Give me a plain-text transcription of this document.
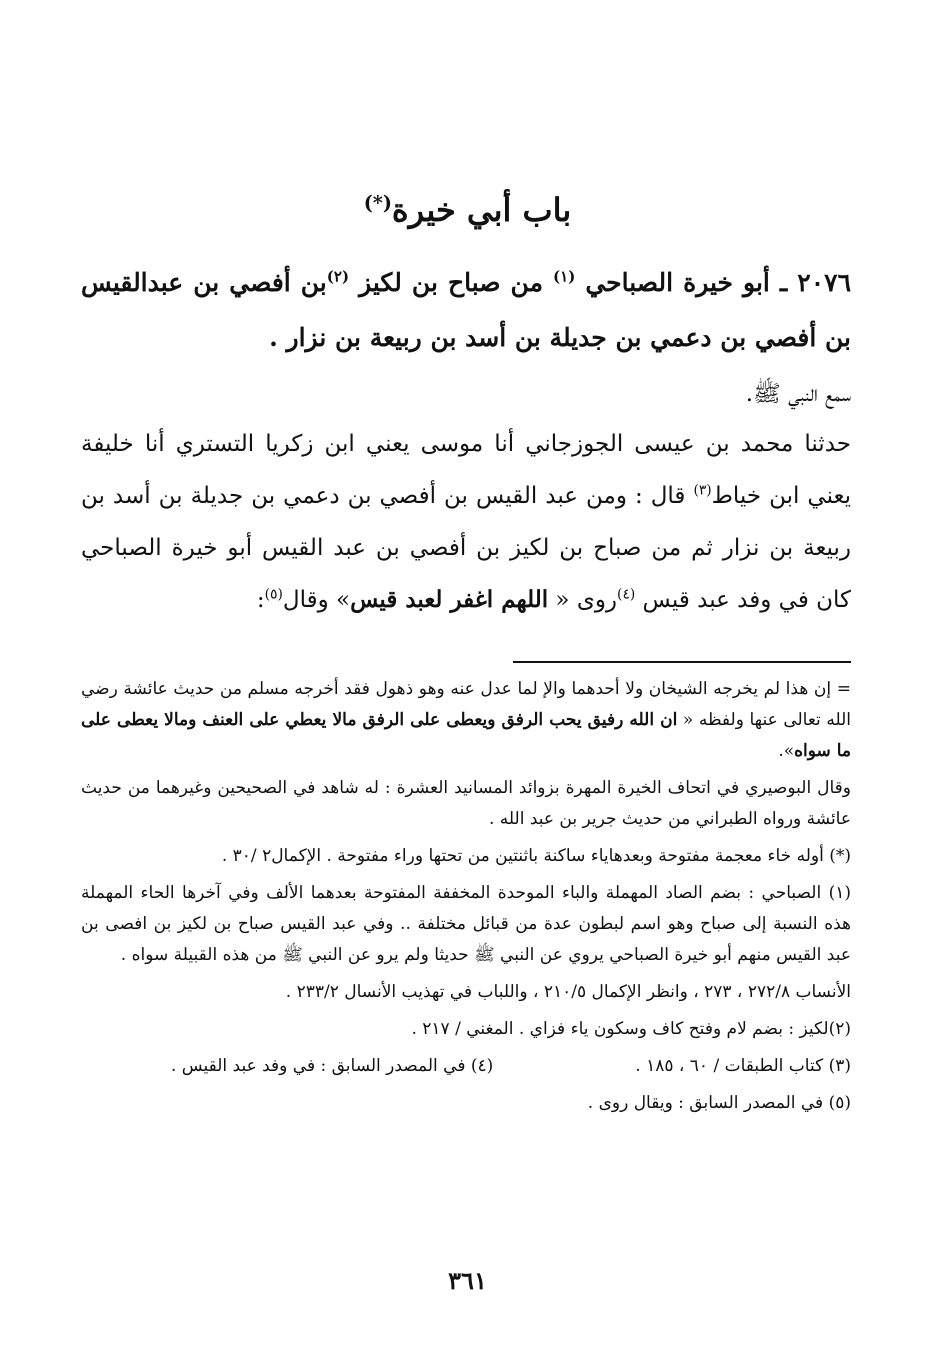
باب أبي خيرة(*)
٢٠٧٦ ـ أبو خيرة الصباحي $^{(١)}$ من صباح بن لكيز $^{(٢)}$بن أفصي بن عبدالقيس بن أفصي بن دعمي بن جديلة بن أسد بن ربيعة بن نزار .
سمع النبي ﷺ.
حدثنا محمد بن عيسى الجوزجاني أنا موسى يعني ابن زكريا التستري أنا خليفة يعني ابن خياط$^{(٣)}$ قال : ومن عبد القيس بن أفصي بن دعمي بن جديلة بن أسد بن ربيعة بن نزار ثم من صباح بن لكيز بن أفصي بن عبد القيس أبو خيرة الصباحي كان في وفد عبد قيس $^{(٤)}$روى « اللهم اغفر لعبد قيس» وقال$^{(٥)}$:

= إن هذا لم يخرجه الشيخان ولا أحدهما والإ لما عدل عنه وهو ذهول فقد أخرجه مسلم من حديث عائشة رضي الله تعالى عنها ولفظه « ان الله رفيق يحب الرفق ويعطى على الرفق مالا يعطي على العنف ومالا يعطى على ما سواه».

وقال البوصيري في اتحاف الخيرة المهرة بزوائد المسانيد العشرة : له شاهد في الصحيحين وغيرهما من حديث عائشة ورواه الطبراني من حديث جرير بن عبد الله .

(*) أوله خاء معجمة مفتوحة وبعدهاياء ساكنة باثنتين من تحتها وراء مفتوحة . الإكمال٢ /٣٠ .

(١) الصباحي : بضم الصاد المهملة والباء الموحدة المخففة المفتوحة بعدهما الألف وفي آخرها الحاء المهملة هذه النسبة إلى صباح وهو اسم لبطون عدة من قبائل مختلفة .. وفي عبد القيس صباح بن لكيز بن افصى بن عبد القيس منهم أبو خيرة الصباحي يروي عن النبي ﷺ حديثا ولم يرو عن النبي ﷺ من هذه القبيلة سواه .

الأنساب ٢٧٢/٨ ، ٢٧٣ ، وانظر الإكمال ٢١٠/٥ ، واللباب في تهذيب الأنسال ٢٣٣/٢ .

(٢)لكيز : بضم لام وفتح كاف وسكون ياء فزاي . المغني / ٢١٧ .

(٣) كتاب الطبقات / ٦٠ ، ١٨٥ .
(٤) في المصدر السابق : في وفد عبد القيس .

(٥) في المصدر السابق : ويقال روى .

٣٦١
